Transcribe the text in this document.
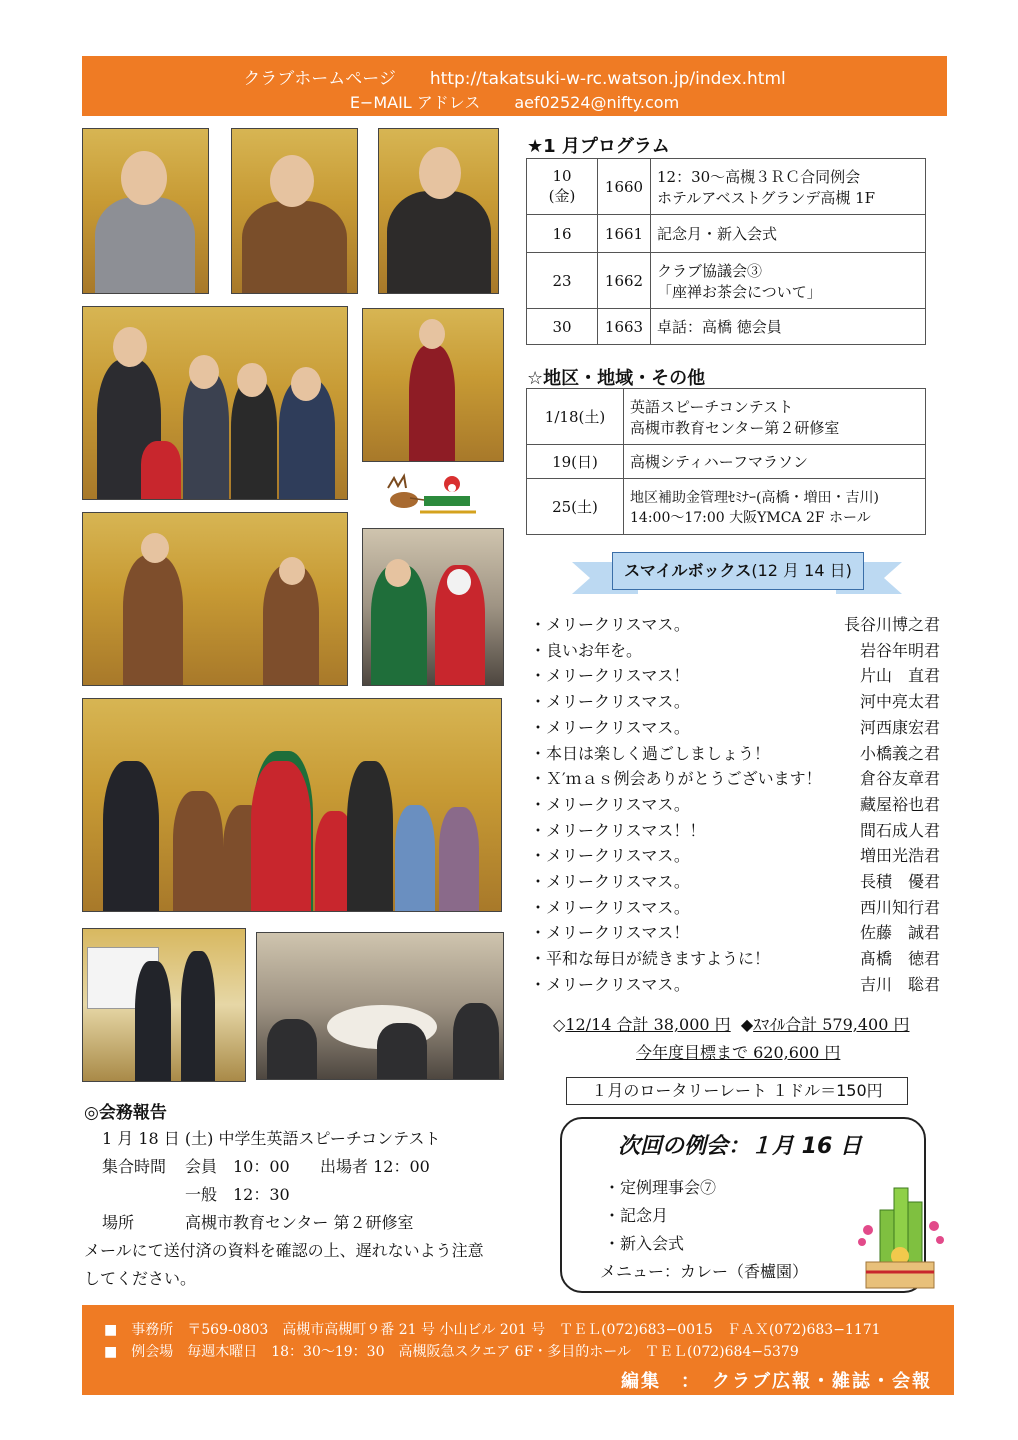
クラブホームページ http://takatsuki-w-rc.watson.jp/index.html
E−MAIL アドレス aef02524@nifty.com
★1 月プログラム
10
(金)	1660	12：30〜高槻３ＲＣ合同例会
ホテルアベストグランデ高槻 1F
16	1661	記念月・新入会式
23	1662	クラブ協議会③
「座禅お茶会について」
30	1663	卓話：高橋 徳会員
☆地区・地域・その他
1/18(土)	英語スピーチコンテスト
高槻市教育センター第２研修室
19(日)	高槻シティハーフマラソン
25(土)	地区補助金管理ｾﾐﾅｰ(高橋・増田・吉川)
14:00〜17:00 大阪YMCA 2F ホール
スマイルボックス(12 月 14 日)
・メリークリスマス。	長谷川博之君
・良いお年を。	岩谷年明君
・メリークリスマス！	片山　直君
・メリークリスマス。	河中亮太君
・メリークリスマス。	河西康宏君
・本日は楽しく過ごしましょう！	小橋義之君
・Ｘ′ｍａｓ例会ありがとうございます！ 倉谷友章君
・メリークリスマス。	藏屋裕也君
・メリークリスマス！！	間石成人君
・メリークリスマス。	増田光浩君
・メリークリスマス。	長積　優君
・メリークリスマス。	西川知行君
・メリークリスマス！	佐藤　誠君
・平和な毎日が続きますように！	髙橋　徳君
・メリークリスマス。	吉川　聡君
◇12/14 合計 38,000 円 ◆ｽﾏｲﾙ合計 579,400 円
今年度目標まで 620,600 円
１月のロータリーレート １ドル＝150円
次回の例会：１月 16 日
・定例理事会⑦
・記念月
・新入会式
メニュー：カレー（香櫨園）
◎会務報告
1 月 18 日 (土) 中学生英語スピーチコンテスト
集合時間 会員　10：00 出場者 12：00
一般　12：30
場所	高槻市教育センター 第２研修室
メールにて送付済の資料を確認の上、遅れないよう注意
してください。
■　事務所　〒569-0803　高槻市高槻町９番 21 号 小山ビル 201 号　ＴＥＬ(072)683−0015　ＦＡＸ(072)683−1171
■　例会場　毎週木曜日　18：30〜19：30　高槻阪急スクエア 6F・多目的ホール　ＴＥＬ(072)684−5379
編集　：　クラブ広報・雑誌・会報
